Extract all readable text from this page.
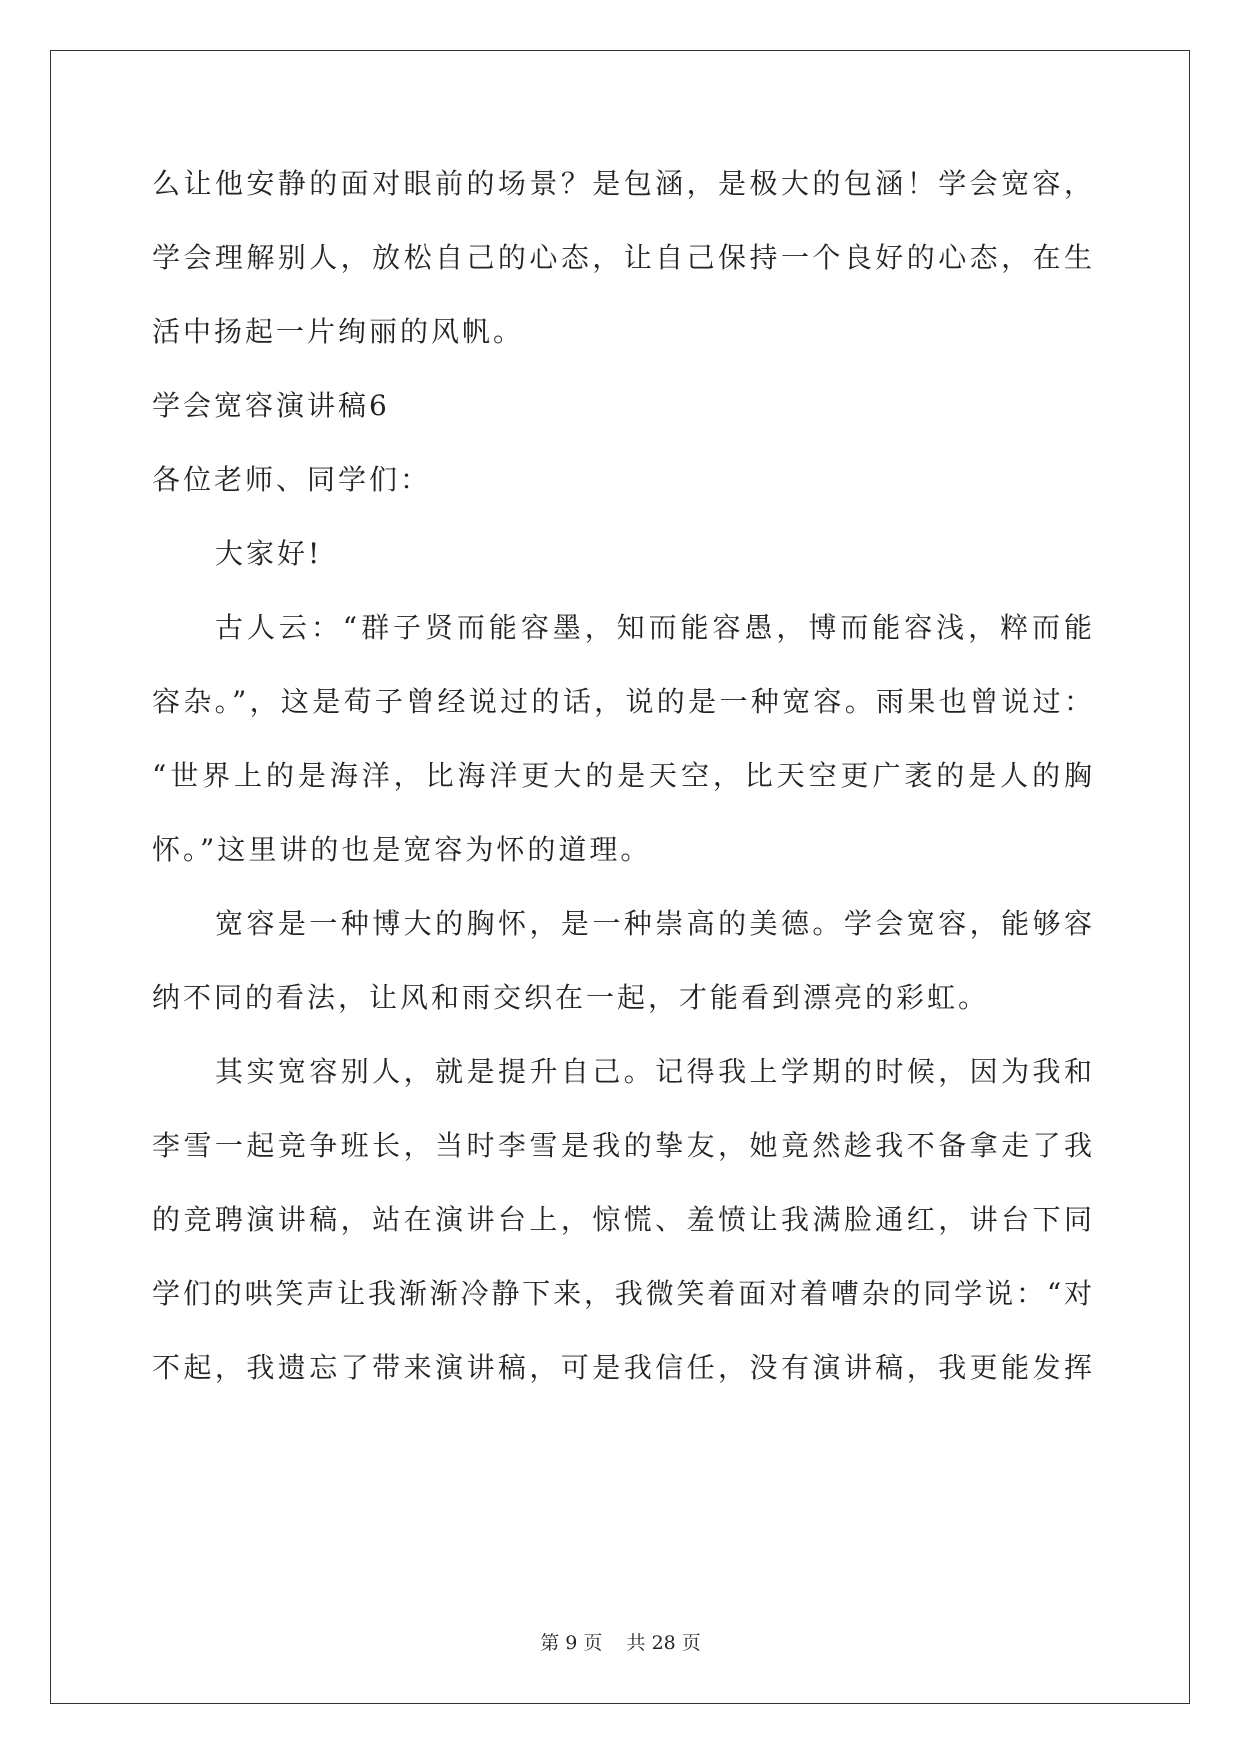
么让他安静的面对眼前的场景？是包涵，是极大的包涵！学会宽容，
学会理解别人，放松自己的心态，让自己保持一个良好的心态，在生
活中扬起一片绚丽的风帆。
学会宽容演讲稿6
各位老师、同学们：
大家好!
古人云：“群子贤而能容墨，知而能容愚，博而能容浅，粹而能
容杂。”，这是荀子曾经说过的话，说的是一种宽容。雨果也曾说过：
“世界上的是海洋，比海洋更大的是天空，比天空更广袤的是人的胸
怀。”这里讲的也是宽容为怀的道理。
宽容是一种博大的胸怀，是一种崇高的美德。学会宽容，能够容
纳不同的看法，让风和雨交织在一起，才能看到漂亮的彩虹。
其实宽容别人，就是提升自己。记得我上学期的时候，因为我和
李雪一起竞争班长，当时李雪是我的挚友，她竟然趁我不备拿走了我
的竞聘演讲稿，站在演讲台上，惊慌、羞愤让我满脸通红，讲台下同
学们的哄笑声让我渐渐冷静下来，我微笑着面对着嘈杂的同学说：“对
不起，我遗忘了带来演讲稿，可是我信任，没有演讲稿，我更能发挥
第 9 页 共 28 页
